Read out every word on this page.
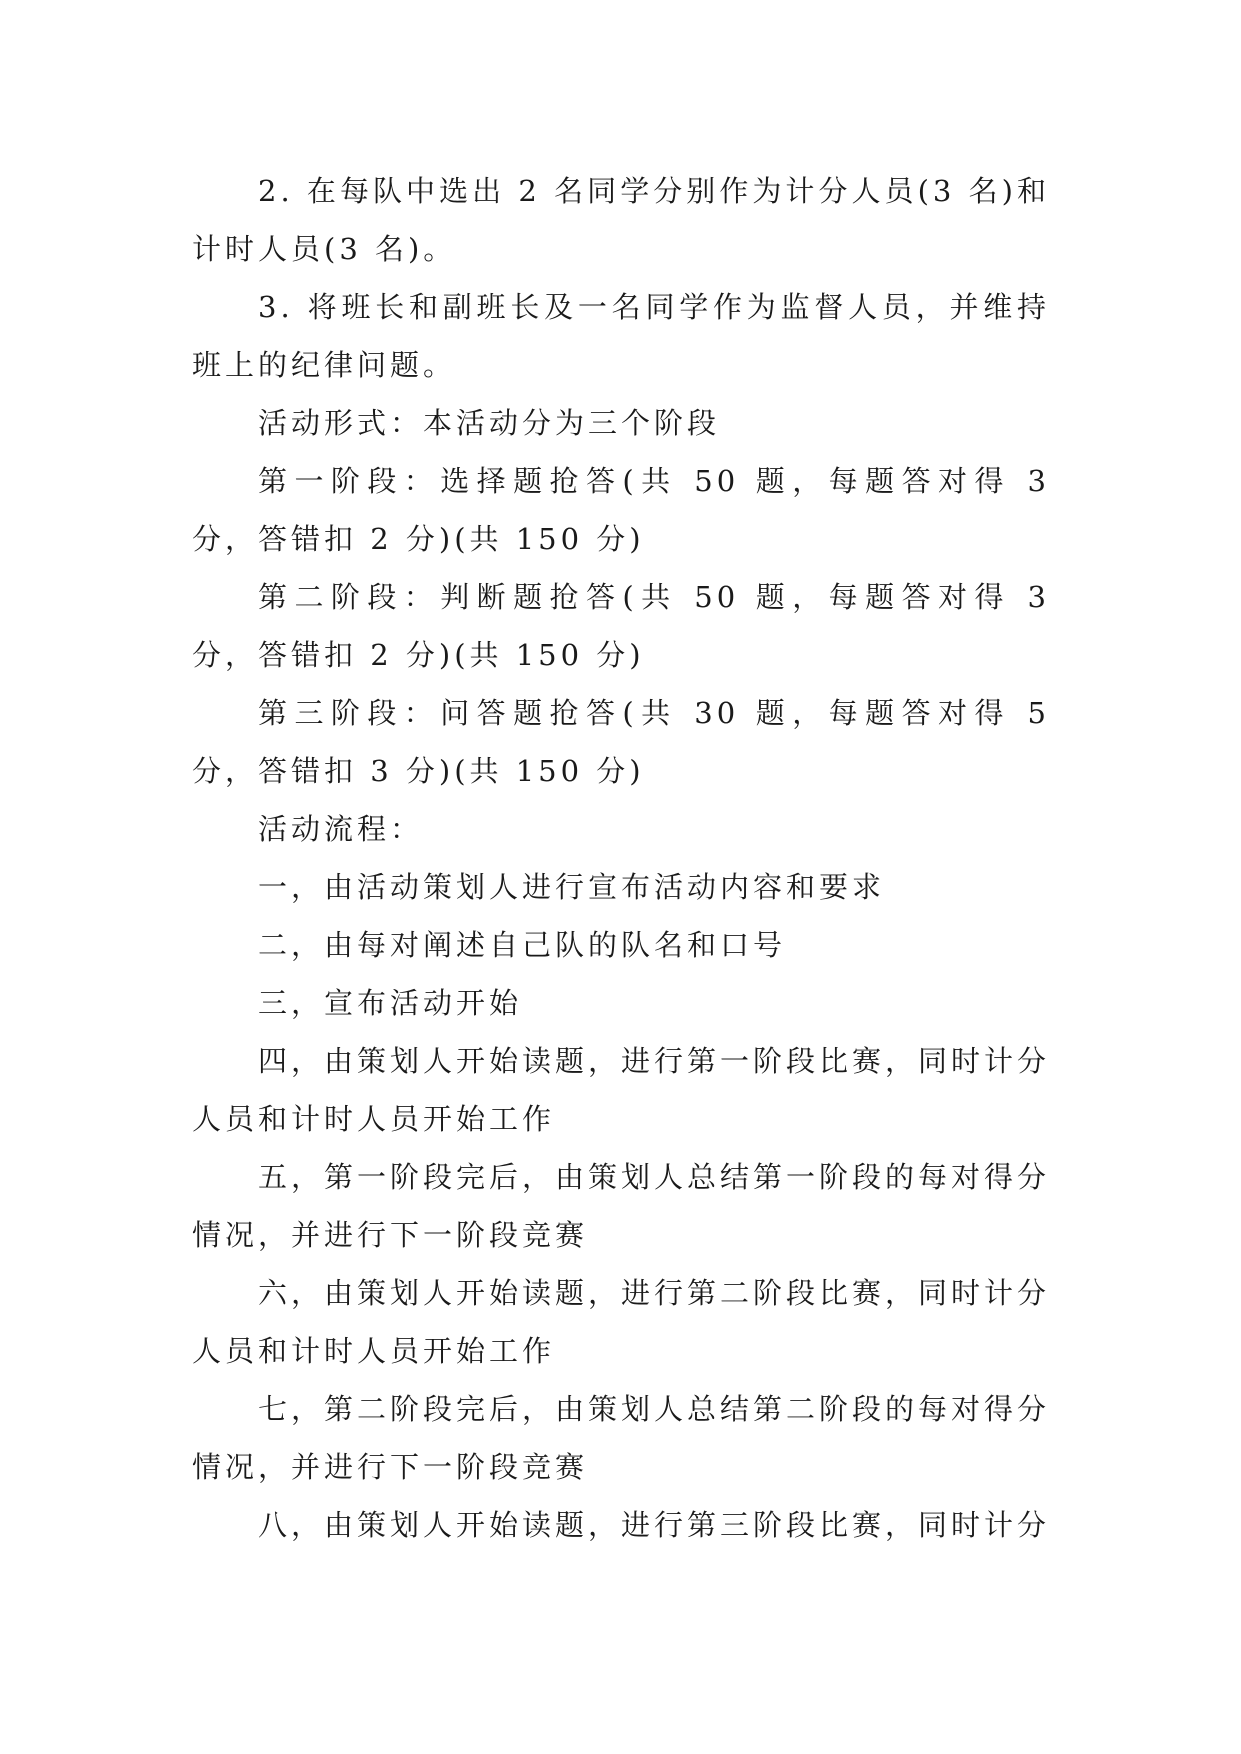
2. 在每队中选出 2 名同学分别作为计分人员(3 名)和计时人员(3 名)。

3. 将班长和副班长及一名同学作为监督人员，并维持班上的纪律问题。

活动形式：本活动分为三个阶段

第一阶段：选择题抢答(共 50 题，每题答对得 3 分，答错扣 2 分)(共 150 分)

第二阶段：判断题抢答(共 50 题，每题答对得 3 分，答错扣 2 分)(共 150 分)

第三阶段：问答题抢答(共 30 题，每题答对得 5 分，答错扣 3 分)(共 150 分)

活动流程：

一，由活动策划人进行宣布活动内容和要求

二，由每对阐述自己队的队名和口号

三，宣布活动开始

四，由策划人开始读题，进行第一阶段比赛，同时计分人员和计时人员开始工作

五，第一阶段完后，由策划人总结第一阶段的每对得分情况，并进行下一阶段竞赛

六，由策划人开始读题，进行第二阶段比赛，同时计分人员和计时人员开始工作

七，第二阶段完后，由策划人总结第二阶段的每对得分情况，并进行下一阶段竞赛

八，由策划人开始读题，进行第三阶段比赛，同时计分
